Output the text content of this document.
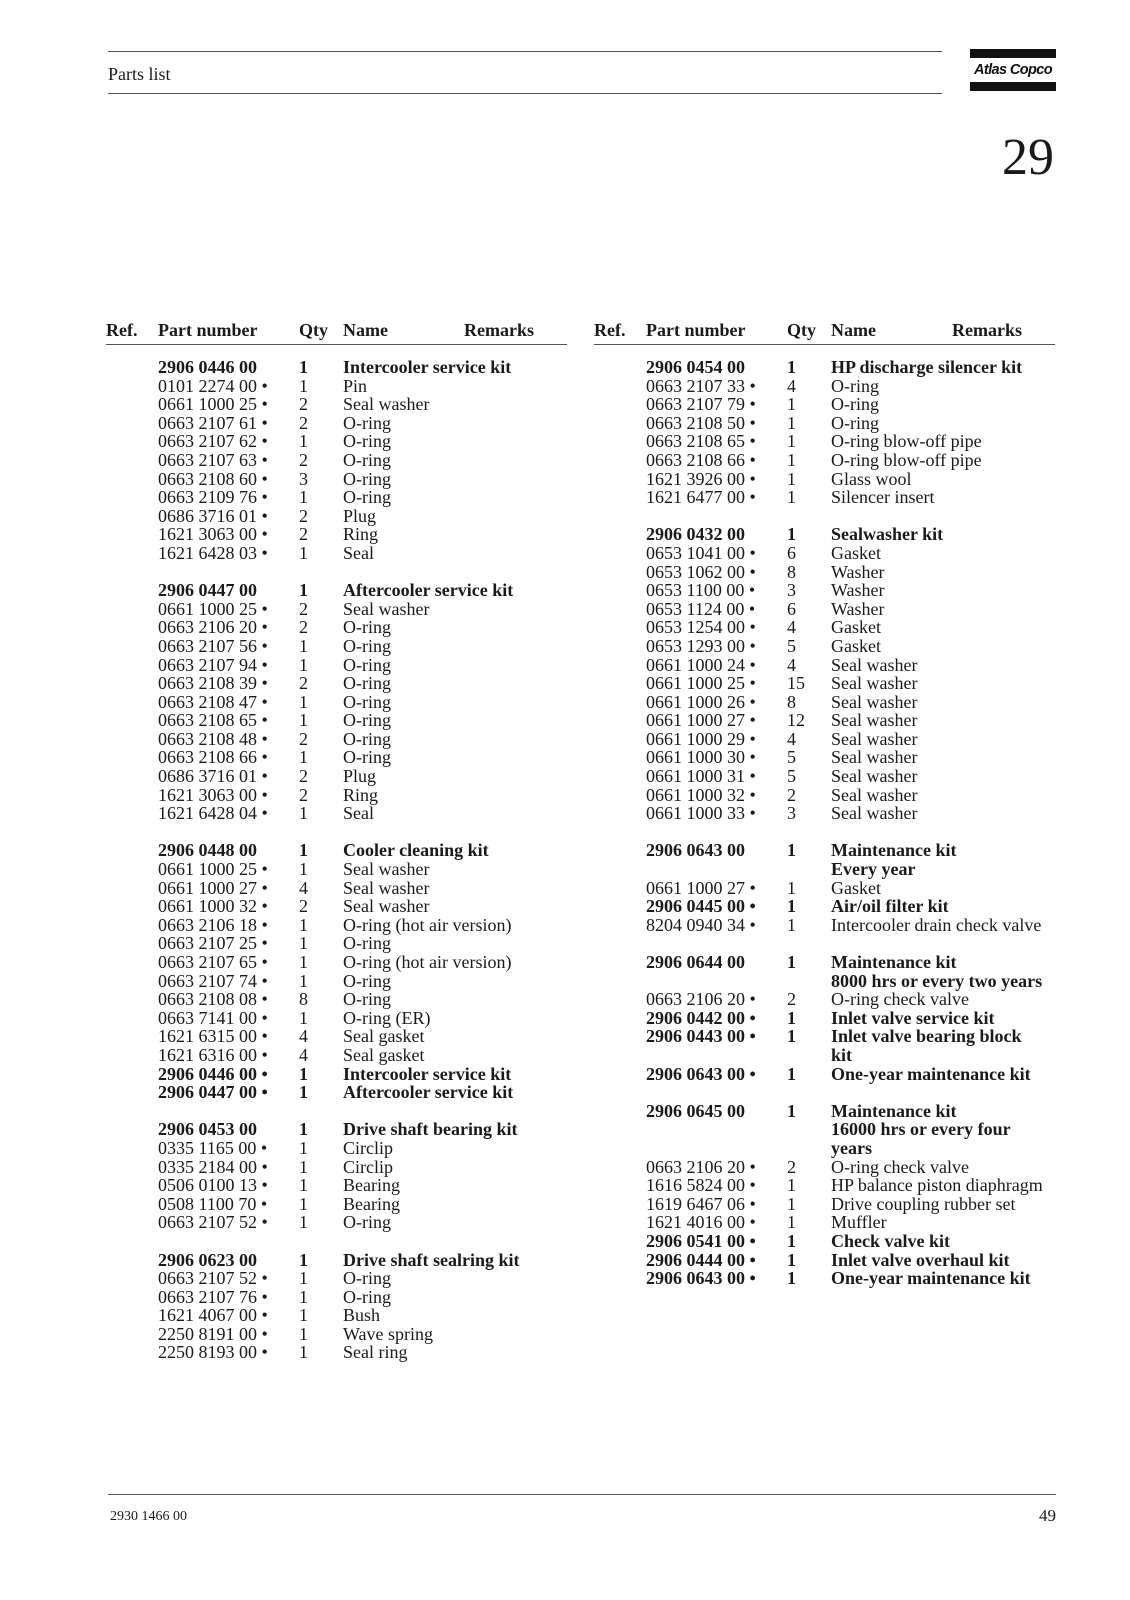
Parts list	Atlas Copco
29
Ref. Part number Qty Name	Remarks	Ref. Part number Qty Name	Remarks
2906 0446 00 1 Intercooler service kit
0101 2274 00 • 1 Pin
0661 1000 25 • 2 Seal washer
0663 2107 61 • 2 O-ring
0663 2107 62 • 1 O-ring
0663 2107 63 • 2 O-ring
0663 2108 60 • 3 O-ring
0663 2109 76 • 1 O-ring
0686 3716 01 • 2 Plug
1621 3063 00 • 2 Ring
1621 6428 03 • 1 Seal
2906 0447 00 1 Aftercooler service kit
0661 1000 25 • 2 Seal washer
0663 2106 20 • 2 O-ring
0663 2107 56 • 1 O-ring
0663 2107 94 • 1 O-ring
0663 2108 39 • 2 O-ring
0663 2108 47 • 1 O-ring
0663 2108 65 • 1 O-ring
0663 2108 48 • 2 O-ring
0663 2108 66 • 1 O-ring
0686 3716 01 • 2 Plug
1621 3063 00 • 2 Ring
1621 6428 04 • 1 Seal
2906 0448 00 1 Cooler cleaning kit
0661 1000 25 • 1 Seal washer
0661 1000 27 • 4 Seal washer
0661 1000 32 • 2 Seal washer
0663 2106 18 • 1 O-ring (hot air version)
0663 2107 25 • 1 O-ring
0663 2107 65 • 1 O-ring (hot air version)
0663 2107 74 • 1 O-ring
0663 2108 08 • 8 O-ring
0663 7141 00 • 1 O-ring (ER)
1621 6315 00 • 4 Seal gasket
1621 6316 00 • 4 Seal gasket
2906 0446 00 • 1 Intercooler service kit
2906 0447 00 • 1 Aftercooler service kit
2906 0453 00 1 Drive shaft bearing kit
0335 1165 00 • 1 Circlip
0335 2184 00 • 1 Circlip
0506 0100 13 • 1 Bearing
0508 1100 70 • 1 Bearing
0663 2107 52 • 1 O-ring
2906 0623 00 1 Drive shaft sealring kit
0663 2107 52 • 1 O-ring
0663 2107 76 • 1 O-ring
1621 4067 00 • 1 Bush
2250 8191 00 • 1 Wave spring
2250 8193 00 • 1 Seal ring
2906 0454 00 1 HP discharge silencer kit
0663 2107 33 • 4 O-ring
0663 2107 79 • 1 O-ring
0663 2108 50 • 1 O-ring
0663 2108 65 • 1 O-ring blow-off pipe
0663 2108 66 • 1 O-ring blow-off pipe
1621 3926 00 • 1 Glass wool
1621 6477 00 • 1 Silencer insert
2906 0432 00 1 Sealwasher kit
0653 1041 00 • 6 Gasket
0653 1062 00 • 8 Washer
0653 1100 00 • 3 Washer
0653 1124 00 • 6 Washer
0653 1254 00 • 4 Gasket
0653 1293 00 • 5 Gasket
0661 1000 24 • 4 Seal washer
0661 1000 25 • 15 Seal washer
0661 1000 26 • 8 Seal washer
0661 1000 27 • 12 Seal washer
0661 1000 29 • 4 Seal washer
0661 1000 30 • 5 Seal washer
0661 1000 31 • 5 Seal washer
0661 1000 32 • 2 Seal washer
0661 1000 33 • 3 Seal washer
2906 0643 00 1 Maintenance kit
Every year
0661 1000 27 • 1 Gasket
2906 0445 00 • 1 Air/oil filter kit
8204 0940 34 • 1 Intercooler drain check valve
2906 0644 00 1 Maintenance kit
8000 hrs or every two years
0663 2106 20 • 2 O-ring check valve
2906 0442 00 • 1 Inlet valve service kit
2906 0443 00 • 1 Inlet valve bearing block
kit
2906 0643 00 • 1 One-year maintenance kit
2906 0645 00 1 Maintenance kit
16000 hrs or every four
years
0663 2106 20 • 2 O-ring check valve
1616 5824 00 • 1 HP balance piston diaphragm
1619 6467 06 • 1 Drive coupling rubber set
1621 4016 00 • 1 Muffler
2906 0541 00 • 1 Check valve kit
2906 0444 00 • 1 Inlet valve overhaul kit
2906 0643 00 • 1 One-year maintenance kit
2930 1466 00	49
